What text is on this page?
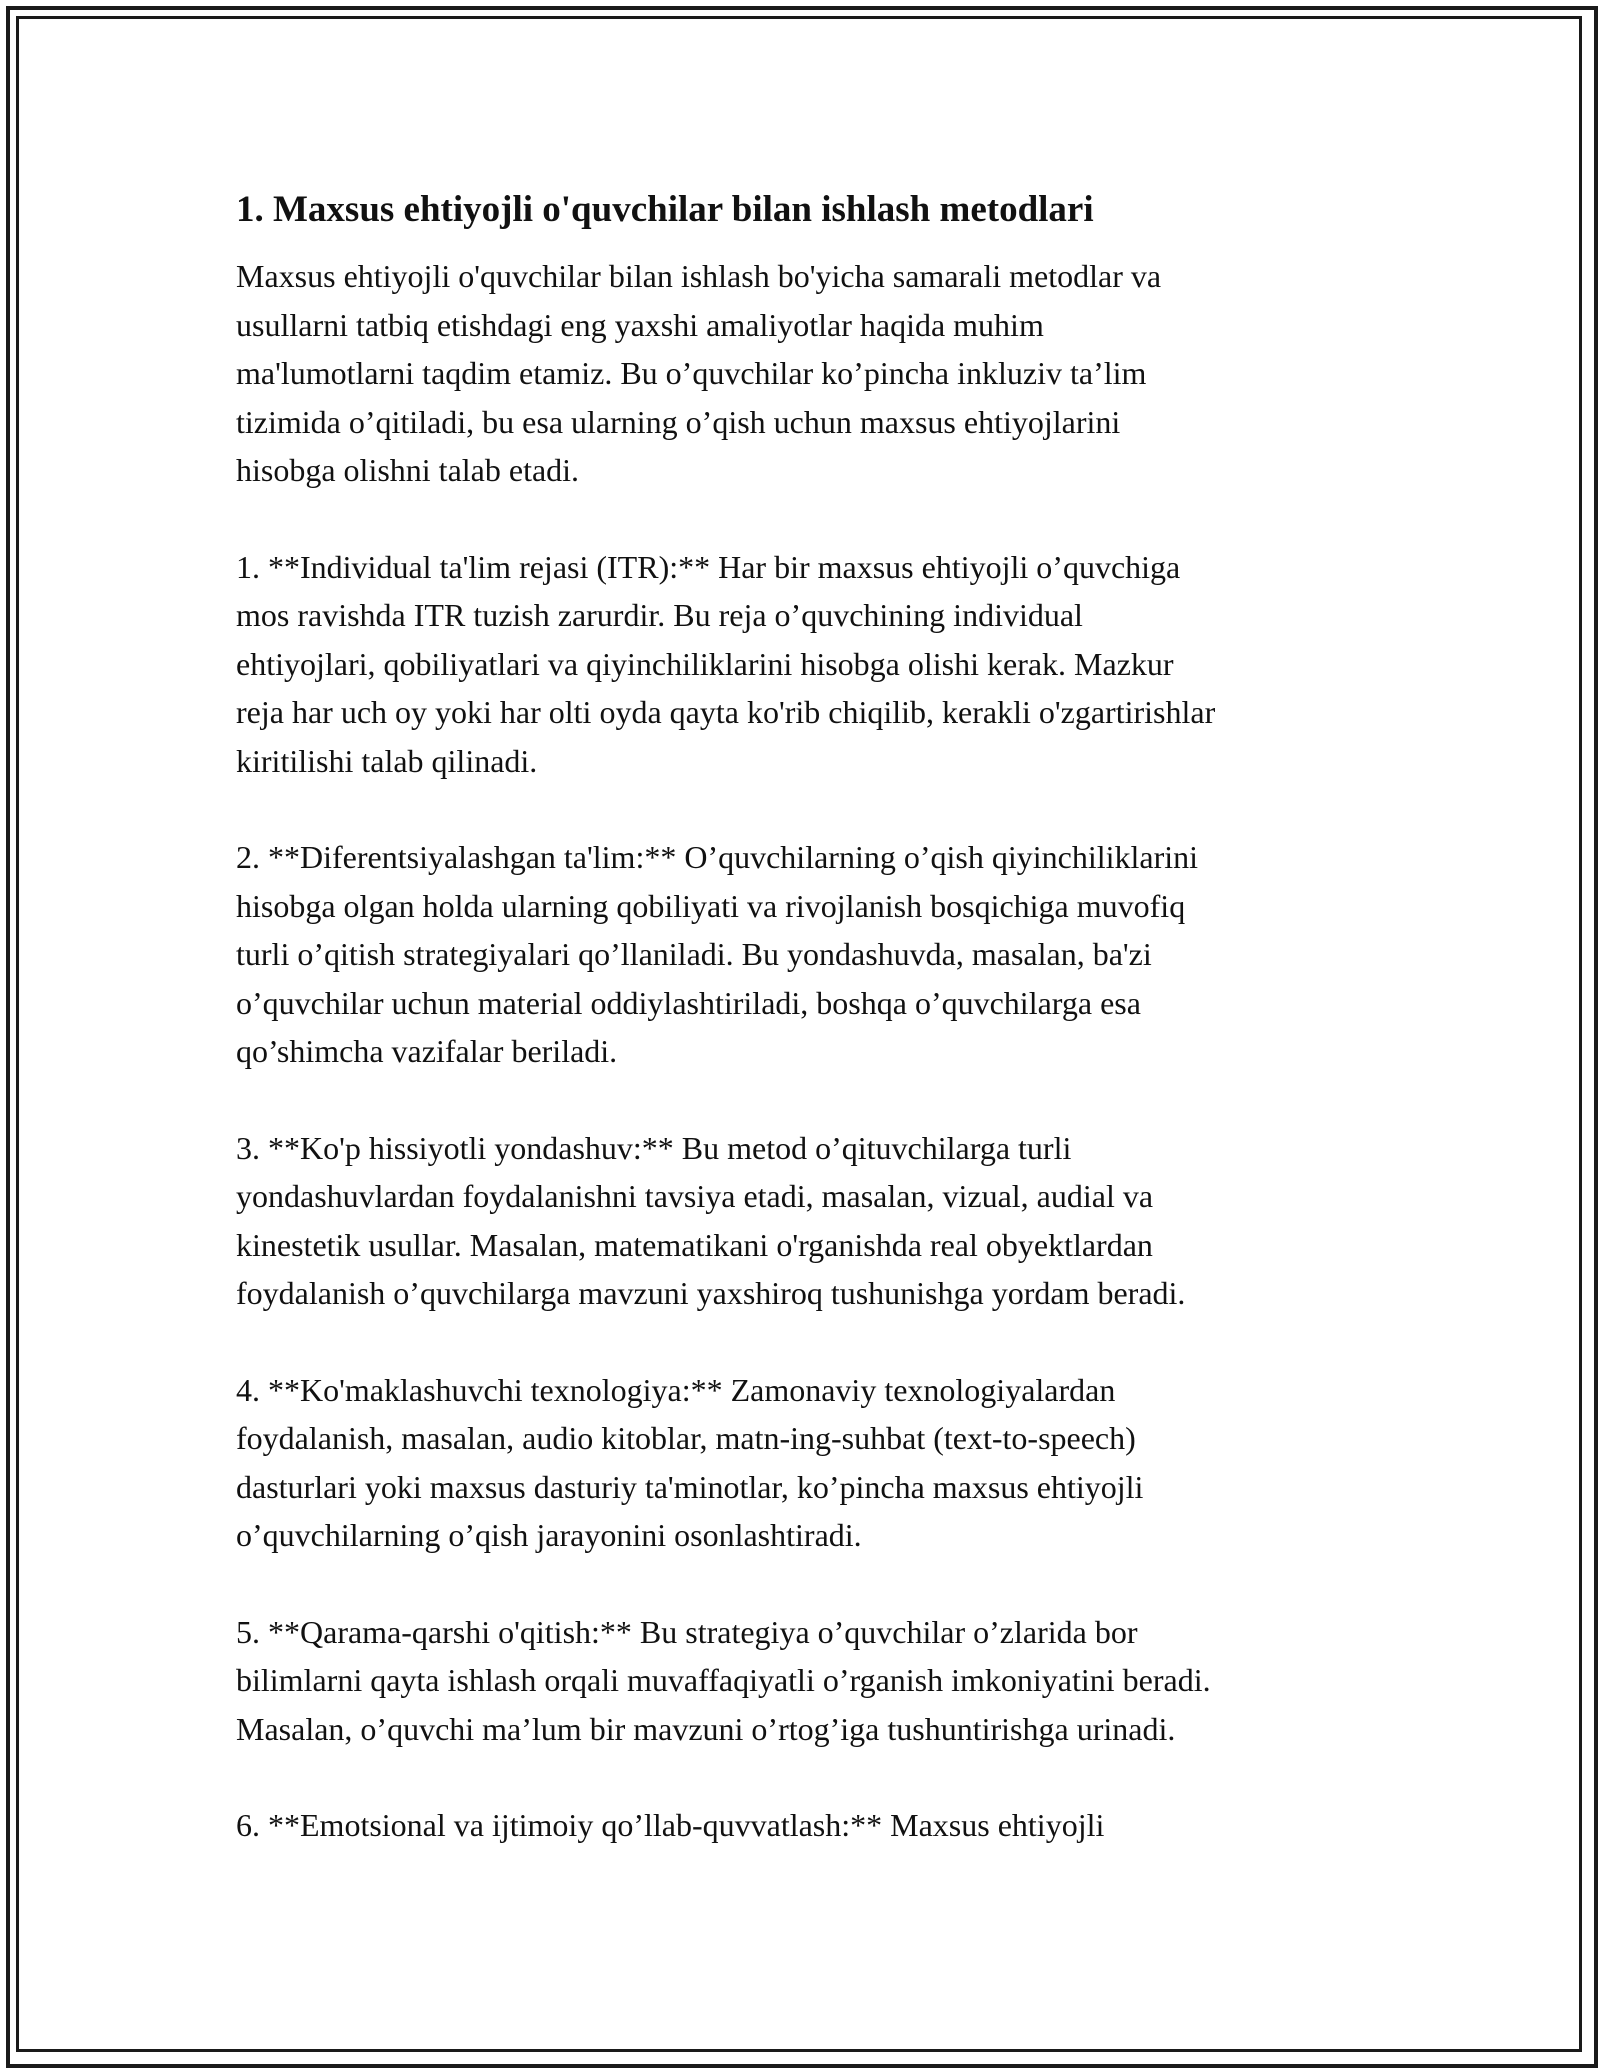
1. Maxsus ehtiyojli o'quvchilar bilan ishlash metodlari

Maxsus ehtiyojli o'quvchilar bilan ishlash bo'yicha samarali metodlar va
usullarni tatbiq etishdagi eng yaxshi amaliyotlar haqida muhim
ma'lumotlarni taqdim etamiz. Bu o’quvchilar ko’pincha inkluziv ta’lim
tizimida o’qitiladi, bu esa ularning o’qish uchun maxsus ehtiyojlarini
hisobga olishni talab etadi.

1. **Individual ta'lim rejasi (ITR):** Har bir maxsus ehtiyojli o’quvchiga
mos ravishda ITR tuzish zarurdir. Bu reja o’quvchining individual
ehtiyojlari, qobiliyatlari va qiyinchiliklarini hisobga olishi kerak. Mazkur
reja har uch oy yoki har olti oyda qayta ko'rib chiqilib, kerakli o'zgartirishlar
kiritilishi talab qilinadi.

2. **Diferentsiyalashgan ta'lim:** O’quvchilarning o’qish qiyinchiliklarini
hisobga olgan holda ularning qobiliyati va rivojlanish bosqichiga muvofiq
turli o’qitish strategiyalari qo’llaniladi. Bu yondashuvda, masalan, ba'zi
o’quvchilar uchun material oddiylashtiriladi, boshqa o’quvchilarga esa
qo’shimcha vazifalar beriladi.

3. **Ko'p hissiyotli yondashuv:** Bu metod o’qituvchilarga turli
yondashuvlardan foydalanishni tavsiya etadi, masalan, vizual, audial va
kinestetik usullar. Masalan, matematikani o'rganishda real obyektlardan
foydalanish o’quvchilarga mavzuni yaxshiroq tushunishga yordam beradi.

4. **Ko'maklashuvchi texnologiya:** Zamonaviy texnologiyalardan
foydalanish, masalan, audio kitoblar, matn-ing-suhbat (text-to-speech)
dasturlari yoki maxsus dasturiy ta'minotlar, ko’pincha maxsus ehtiyojli
o’quvchilarning o’qish jarayonini osonlashtiradi.

5. **Qarama-qarshi o'qitish:** Bu strategiya o’quvchilar o’zlarida bor
bilimlarni qayta ishlash orqali muvaffaqiyatli o’rganish imkoniyatini beradi.
Masalan, o’quvchi ma’lum bir mavzuni o’rtog’iga tushuntirishga urinadi.

6. **Emotsional va ijtimoiy qo’llab-quvvatlash:** Maxsus ehtiyojli
